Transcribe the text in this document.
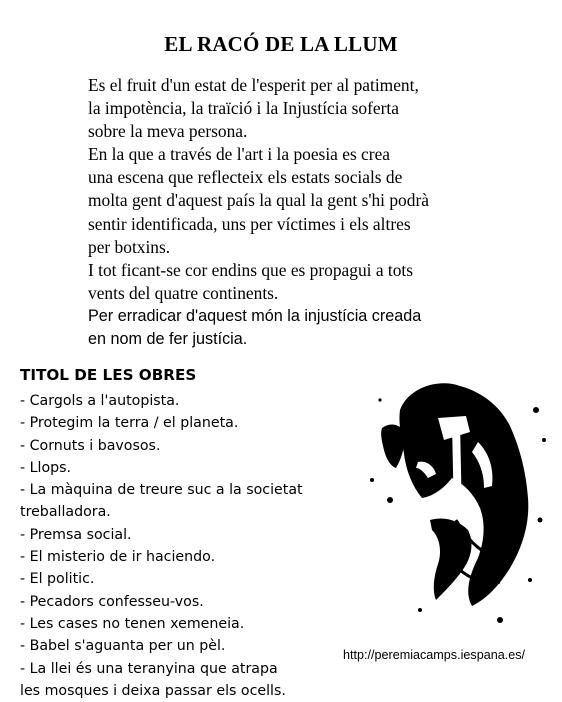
EL RACÓ DE LA LLUM
Es el fruit d'un estat de l'esperit per al patiment,
la impotència, la traïció i la Injustícia soferta
sobre la meva persona.
En la que a través de l'art i la poesia es crea
una escena que reflecteix els estats socials de
molta gent d'aquest país la qual la gent s'hi podrà
sentir identificada, uns per víctimes i els altres
per botxins.
I tot ficant-se cor endins que es propagui a tots
vents del quatre continents.
Per erradicar d'aquest món la injustícia creada
en nom de fer justícia.
TITOL DE LES OBRES
- Cargols a l'autopista.
- Protegim la terra / el planeta.
- Cornuts i bavosos.
- Llops.
- La màquina de treure suc a la societat
treballadora.
- Premsa social.
- El misterio de ir haciendo.
- El politic.
- Pecadors confesseu-vos.
- Les cases no tenen xemeneia.
- Babel s'aguanta per un pèl.
- La llei és una teranyina que atrapa
les mosques i deixa passar els ocells.
http://peremiacamps.iespana.es/
